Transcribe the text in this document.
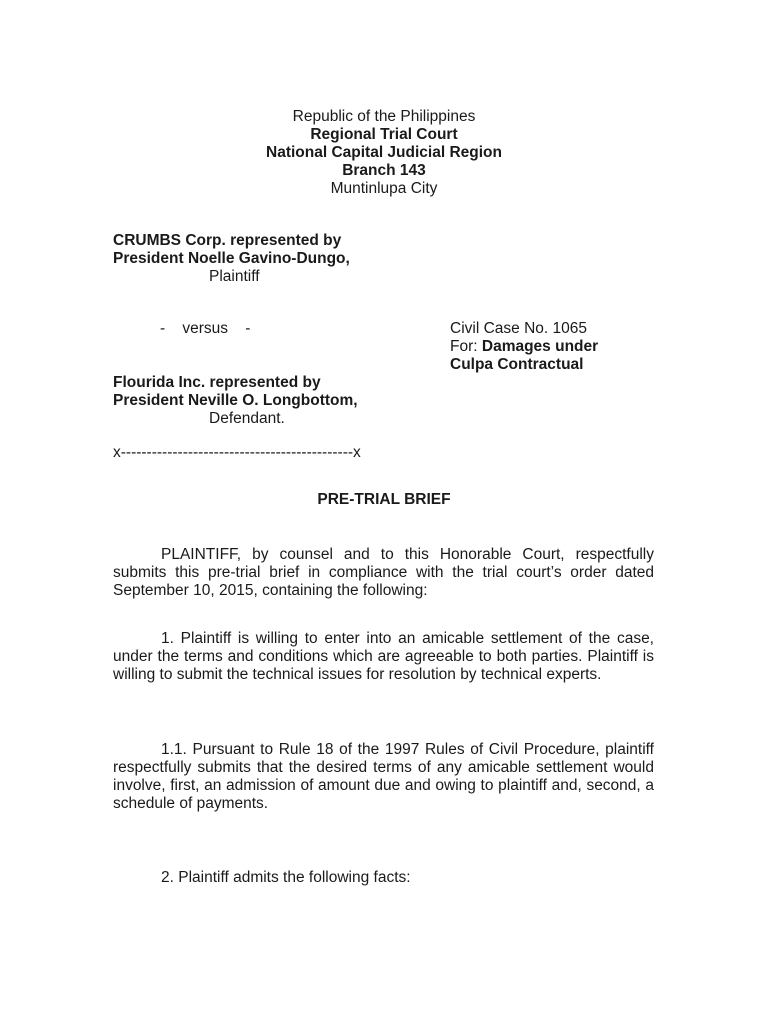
Republic of the Philippines
Regional Trial Court
National Capital Judicial Region
Branch 143
Muntinlupa City
CRUMBS Corp. represented by
President Noelle Gavino-Dungo,
Plaintiff
-    versus    -	Civil Case No. 1065
For: Damages under
Culpa Contractual
Flourida Inc. represented by
President Neville O. Longbottom,
Defendant.
x---------------------------------------------x
PRE-TRIAL BRIEF
PLAINTIFF, by counsel and to this Honorable Court, respectfully submits this pre-trial brief in compliance with the trial court’s order dated September 10, 2015, containing the following:
1. Plaintiff is willing to enter into an amicable settlement of the case, under the terms and conditions which are agreeable to both parties. Plaintiff is willing to submit the technical issues for resolution by technical experts.
1.1. Pursuant to Rule 18 of the 1997 Rules of Civil Procedure, plaintiff respectfully submits that the desired terms of any amicable settlement would involve, first, an admission of amount due and owing to plaintiff and, second, a schedule of payments.
2. Plaintiff admits the following facts:
